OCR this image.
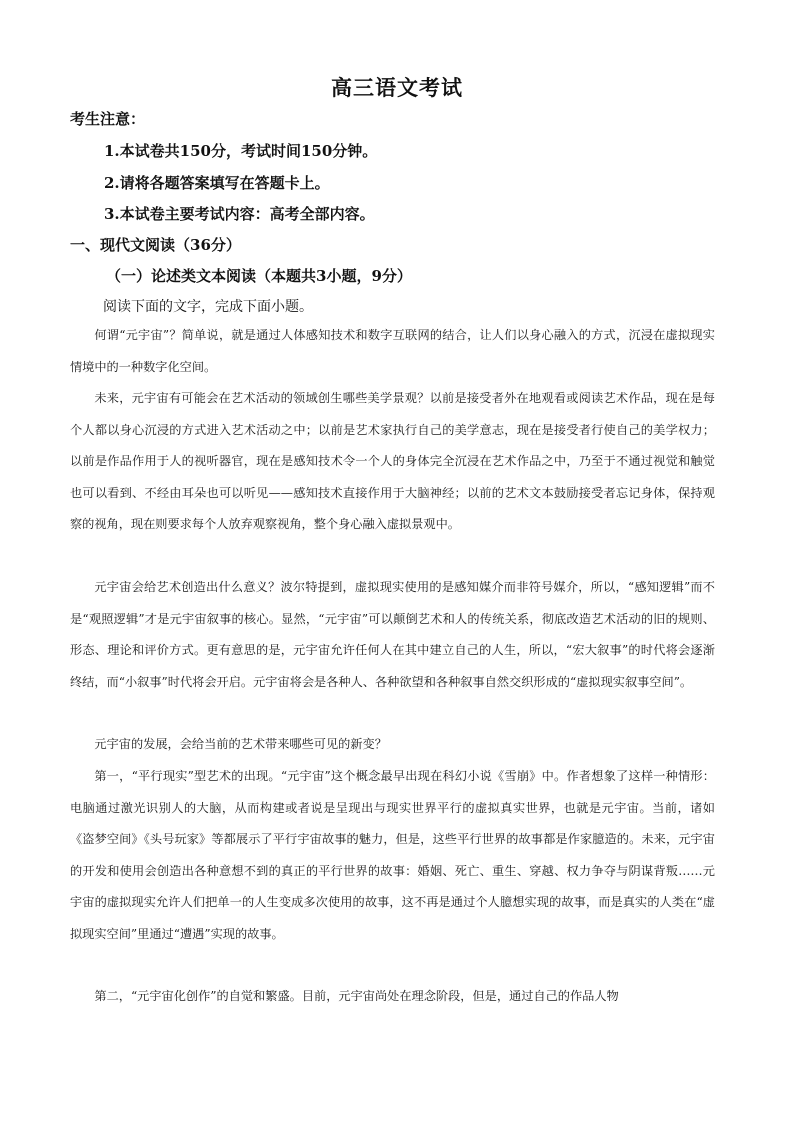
高三语文考试
考生注意：
1.本试卷共150分，考试时间150分钟。
2.请将各题答案填写在答题卡上。
3.本试卷主要考试内容：高考全部内容。
一、现代文阅读（36分）
（一）论述类文本阅读（本题共3小题，9分）
阅读下面的文字，完成下面小题。
何谓“元宇宙”？简单说，就是通过人体感知技术和数字互联网的结合，让人们以身心融入的方式，沉浸在虚拟现实情境中的一种数字化空间。
未来，元宇宙有可能会在艺术活动的领域创生哪些美学景观？以前是接受者外在地观看或阅读艺术作品，现在是每个人都以身心沉浸的方式进入艺术活动之中；以前是艺术家执行自己的美学意志，现在是接受者行使自己的美学权力；以前是作品作用于人的视听器官，现在是感知技术令一个人的身体完全沉浸在艺术作品之中，乃至于不通过视觉和触觉也可以看到、不经由耳朵也可以听见——感知技术直接作用于大脑神经；以前的艺术文本鼓励接受者忘记身体，保持观察的视角，现在则要求每个人放弃观察视角，整个身心融入虚拟景观中。
元宇宙会给艺术创造出什么意义？波尔特提到，虚拟现实使用的是感知媒介而非符号媒介，所以，“感知逻辑”而不是“观照逻辑”才是元宇宙叙事的核心。显然，“元宇宙”可以颠倒艺术和人的传统关系，彻底改造艺术活动的旧的规则、形态、理论和评价方式。更有意思的是，元宇宙允许任何人在其中建立自己的人生，所以，“宏大叙事”的时代将会逐渐终结，而“小叙事”时代将会开启。元宇宙将会是各种人、各种欲望和各种叙事自然交织形成的“虚拟现实叙事空间”。
元宇宙的发展，会给当前的艺术带来哪些可见的新变？
第一，“平行现实”型艺术的出现。“元宇宙”这个概念最早出现在科幻小说《雪崩》中。作者想象了这样一种情形：电脑通过激光识别人的大脑，从而构建或者说是呈现出与现实世界平行的虚拟真实世界，也就是元宇宙。当前，诸如《盗梦空间》《头号玩家》等都展示了平行宇宙故事的魅力，但是，这些平行世界的故事都是作家臆造的。未来，元宇宙的开发和使用会创造出各种意想不到的真正的平行世界的故事：婚姻、死亡、重生、穿越、权力争夺与阴谋背叛……元宇宙的虚拟现实允许人们把单一的人生变成多次使用的故事，这不再是通过个人臆想实现的故事，而是真实的人类在“虚拟现实空间”里通过“遭遇”实现的故事。
第二，“元宇宙化创作”的自觉和繁盛。目前，元宇宙尚处在理念阶段，但是，通过自己的作品人物
